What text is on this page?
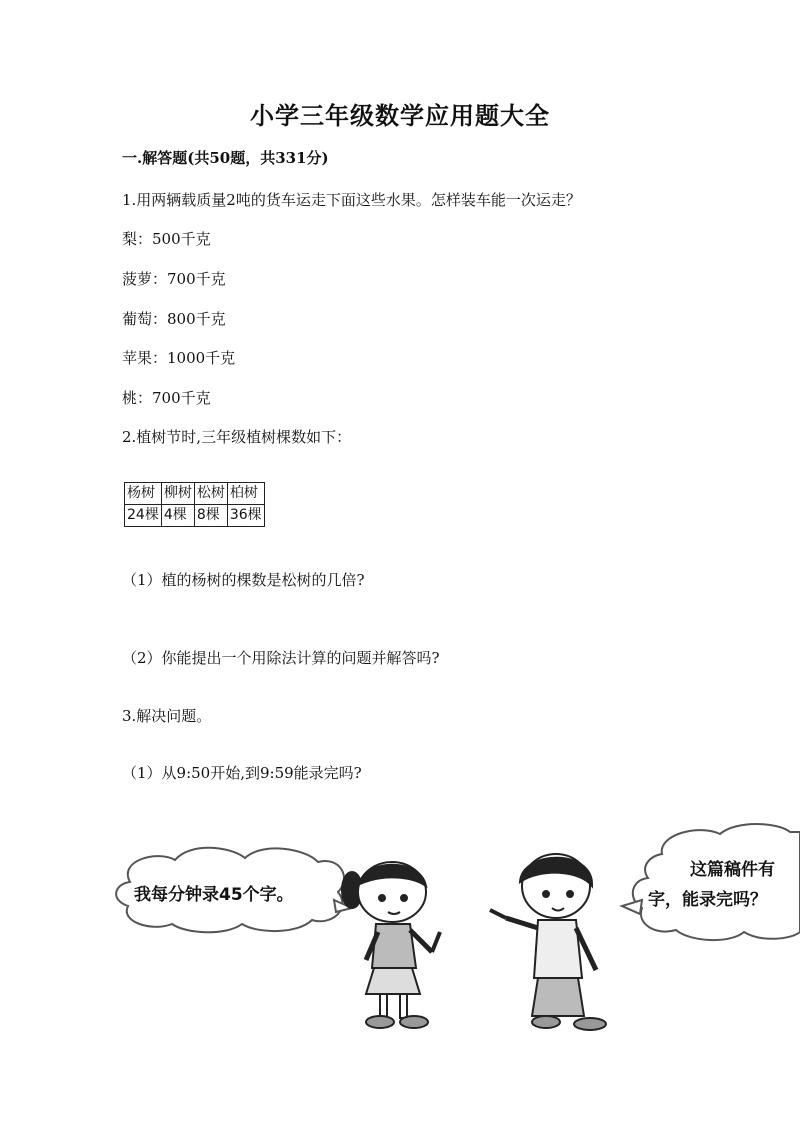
小学三年级数学应用题大全
一.解答题(共50题，共331分)
1.用两辆载质量2吨的货车运走下面这些水果。怎样装车能一次运走？
梨：500千克
菠萝：700千克
葡萄：800千克
苹果：1000千克
桃：700千克
2.植树节时,三年级植树棵数如下：
杨树	柳树	松树	柏树
24棵	4棵	8棵	36棵
（1）植的杨树的棵数是松树的几倍?
（2）你能提出一个用除法计算的问题并解答吗?
3.解决问题。
（1）从9:50开始,到9:59能录完吗?
我每分钟录45个字。
这篇稿件有
字，能录完吗？
